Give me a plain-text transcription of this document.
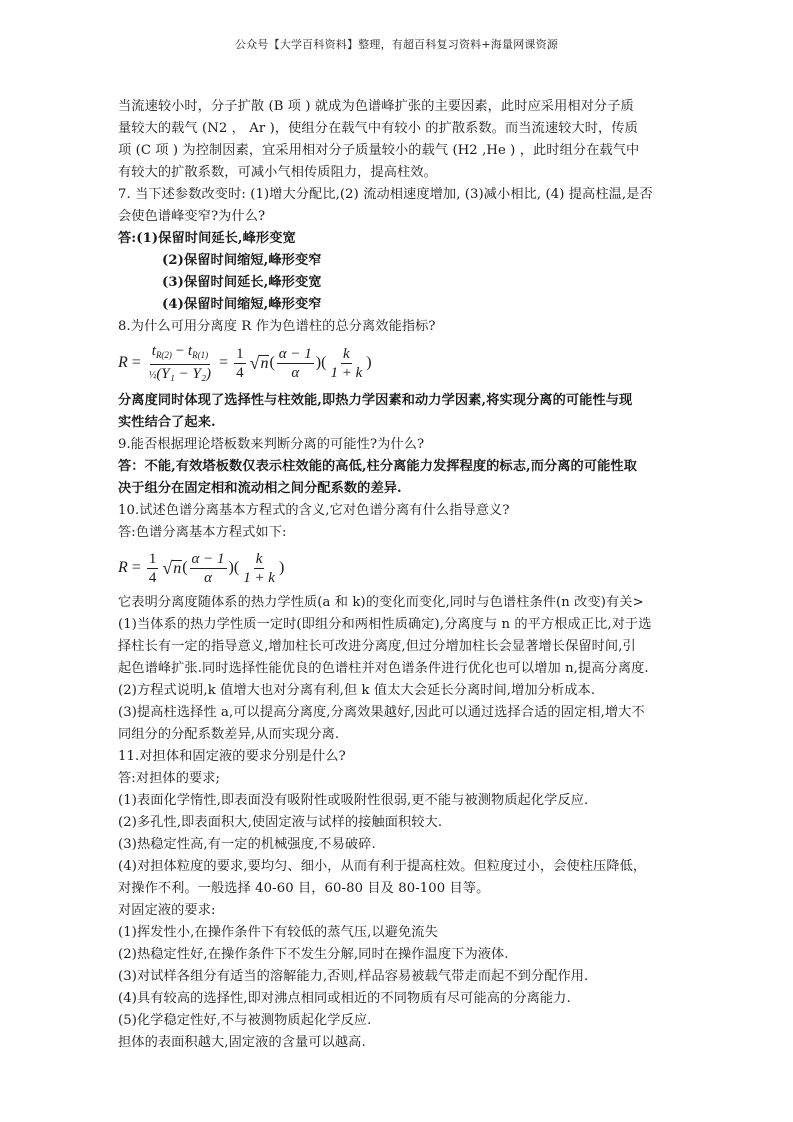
公众号【大学百科资料】整理，有超百科复习资料+海量网课资源
当流速较小时，分子扩散 (B 项 ) 就成为色谱峰扩张的主要因素，此时应采用相对分子质
量较大的载气 (N2 ， Ar )，使组分在载气中有较小 的扩散系数。而当流速较大时，传质
项 (C 项 ) 为控制因素，宜采用相对分子质量较小的载气 (H2 ,He ) ，此时组分在载气中
有较大的扩散系数，可减小气相传质阻力，提高柱效。
7. 当下述参数改变时: (1)增大分配比,(2) 流动相速度增加, (3)减小相比, (4) 提高柱温,是否
会使色谱峰变窄?为什么?
答:(1)保留时间延长,峰形变宽
(2)保留时间缩短,峰形变窄
(3)保留时间延长,峰形变宽
(4)保留时间缩短,峰形变窄
8.为什么可用分离度 R 作为色谱柱的总分离效能指标?
$R = \frac{t_{R(2)} - t_{R(1)}}{\text{½(Y₁ − Y₂)}} = \frac{1}{4}$ √ n ( $\frac{\alpha - 1}{\alpha}$ ) ( $\frac{k}{1 + k}$ )
分离度同时体现了选择性与柱效能,即热力学因素和动力学因素,将实现分离的可能性与现
实性结合了起来.
9.能否根据理论塔板数来判断分离的可能性?为什么?
答：不能,有效塔板数仅表示柱效能的高低,柱分离能力发挥程度的标志,而分离的可能性取
决于组分在固定相和流动相之间分配系数的差异.
10.试述色谱分离基本方程式的含义,它对色谱分离有什么指导意义?
答:色谱分离基本方程式如下:
$R = \frac{1}{4}$ √ n ( $\frac{\alpha - 1}{\alpha}$ ) ( $\frac{k}{1 + k}$ )
它表明分离度随体系的热力学性质(a 和 k)的变化而变化,同时与色谱柱条件(n 改变)有关>
(1)当体系的热力学性质一定时(即组分和两相性质确定),分离度与 n 的平方根成正比,对于选
择柱长有一定的指导意义,增加柱长可改进分离度,但过分增加柱长会显著增长保留时间,引
起色谱峰扩张.同时选择性能优良的色谱柱并对色谱条件进行优化也可以增加 n,提高分离度.
(2)方程式说明,k 值增大也对分离有利,但 k 值太大会延长分离时间,增加分析成本.
(3)提高柱选择性 a,可以提高分离度,分离效果越好,因此可以通过选择合适的固定相,增大不
同组分的分配系数差异,从而实现分离.
11.对担体和固定液的要求分别是什么?
答:对担体的要求;
(1)表面化学惰性,即表面没有吸附性或吸附性很弱,更不能与被测物质起化学反应.
(2)多孔性,即表面积大,使固定液与试样的接触面积较大.
(3)热稳定性高,有一定的机械强度,不易破碎.
(4)对担体粒度的要求,要均匀、细小，从而有利于提高柱效。但粒度过小，会使柱压降低，
对操作不利。一般选择 40-60 目，60-80 目及 80-100 目等。
对固定液的要求:
(1)挥发性小,在操作条件下有较低的蒸气压,以避免流失
(2)热稳定性好,在操作条件下不发生分解,同时在操作温度下为液体.
(3)对试样各组分有适当的溶解能力,否则,样品容易被载气带走而起不到分配作用.
(4)具有较高的选择性,即对沸点相同或相近的不同物质有尽可能高的分离能力.
(5)化学稳定性好,不与被测物质起化学反应.
担体的表面积越大,固定液的含量可以越高.
